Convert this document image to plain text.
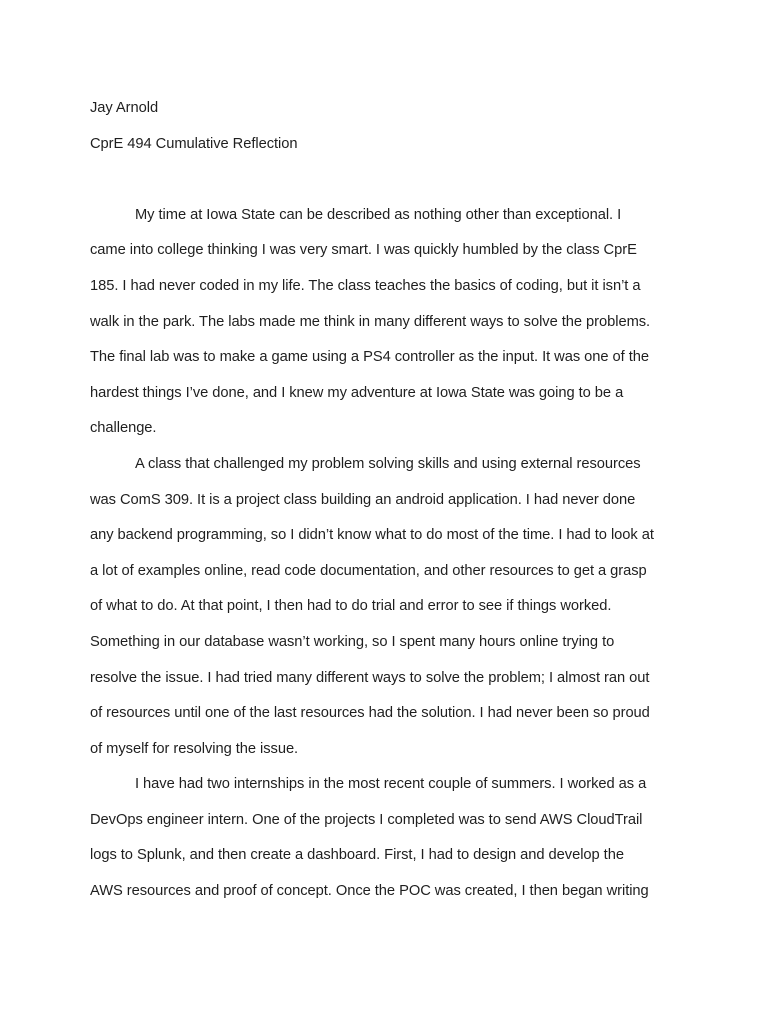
Jay Arnold
CprE 494 Cumulative Reflection
My time at Iowa State can be described as nothing other than exceptional. I
came into college thinking I was very smart. I was quickly humbled by the class CprE
185. I had never coded in my life. The class teaches the basics of coding, but it isn’t a
walk in the park. The labs made me think in many different ways to solve the problems.
The final lab was to make a game using a PS4 controller as the input. It was one of the
hardest things I’ve done, and I knew my adventure at Iowa State was going to be a
challenge.
A class that challenged my problem solving skills and using external resources
was ComS 309. It is a project class building an android application. I had never done
any backend programming, so I didn’t know what to do most of the time. I had to look at
a lot of examples online, read code documentation, and other resources to get a grasp
of what to do. At that point, I then had to do trial and error to see if things worked.
Something in our database wasn’t working, so I spent many hours online trying to
resolve the issue. I had tried many different ways to solve the problem; I almost ran out
of resources until one of the last resources had the solution. I had never been so proud
of myself for resolving the issue.
I have had two internships in the most recent couple of summers. I worked as a
DevOps engineer intern. One of the projects I completed was to send AWS CloudTrail
logs to Splunk, and then create a dashboard. First, I had to design and develop the
AWS resources and proof of concept. Once the POC was created, I then began writing
